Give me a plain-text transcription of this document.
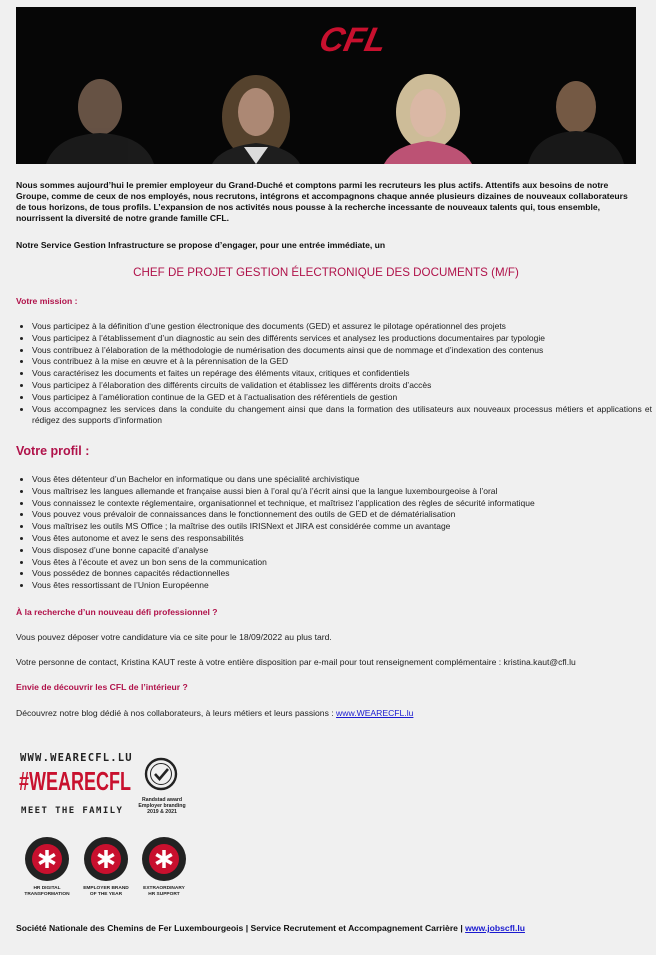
CFL

Nous sommes aujourd’hui le premier employeur du Grand-Duché et comptons parmi les recruteurs les plus actifs. Attentifs aux besoins de notre Groupe, comme de ceux de nos employés, nous recrutons, intégrons et accompagnons chaque année plusieurs dizaines de nouveaux collaborateurs de tous horizons, de tous profils. L’expansion de nos activités nous pousse à la recherche incessante de nouveaux talents qui, tous ensemble, nourrissent la diversité de notre grande famille CFL.

Notre Service Gestion Infrastructure se propose d’engager, pour une entrée immédiate, un

CHEF DE PROJET GESTION ÉLECTRONIQUE DES DOCUMENTS (M/F)

Votre mission :

• Vous participez à la définition d’une gestion électronique des documents (GED) et assurez le pilotage opérationnel des projets
• Vous participez à l’établissement d’un diagnostic au sein des différents services et analysez les productions documentaires par typologie
• Vous contribuez à l’élaboration de la méthodologie de numérisation des documents ainsi que de nommage et d’indexation des contenus
• Vous contribuez à la mise en œuvre et à la pérennisation de la GED
• Vous caractérisez les documents et faites un repérage des éléments vitaux, critiques et confidentiels
• Vous participez à l’élaboration des différents circuits de validation et établissez les différents droits d’accès
• Vous participez à l’amélioration continue de la GED et à l’actualisation des référentiels de gestion
• Vous accompagnez les services dans la conduite du changement ainsi que dans la formation des utilisateurs aux nouveaux processus métiers et applications et rédigez des supports d’information

Votre profil :

• Vous êtes détenteur d’un Bachelor en informatique ou dans une spécialité archivistique
• Vous maîtrisez les langues allemande et française aussi bien à l’oral qu’à l’écrit ainsi que la langue luxembourgeoise à l’oral
• Vous connaissez le contexte réglementaire, organisationnel et technique, et maîtrisez l’application des règles de sécurité informatique
• Vous pouvez vous prévaloir de connaissances dans le fonctionnement des outils de GED et de dématérialisation
• Vous maîtrisez les outils MS Office ; la maîtrise des outils IRISNext et JIRA est considérée comme un avantage
• Vous êtes autonome et avez le sens des responsabilités
• Vous disposez d’une bonne capacité d’analyse
• Vous êtes à l’écoute et avez un bon sens de la communication
• Vous possédez de bonnes capacités rédactionnelles
• Vous êtes ressortissant de l’Union Européenne

À la recherche d’un nouveau défi professionnel ?

Vous pouvez déposer votre candidature via ce site pour le 18/09/2022 au plus tard.

Votre personne de contact, Kristina KAUT reste à votre entière disposition par e-mail pour tout renseignement complémentaire : kristina.kaut@cfl.lu

Envie de découvrir les CFL de l’intérieur ?

Découvrez notre blog dédié à nos collaborateurs, à leurs métiers et leurs passions : www.WEARECFL.lu

WWW.WEARECFL.LU
#WEARECFL
MEET THE FAMILY
Randstad award
Employer branding
2019 & 2021
HR DIGITAL
TRANSFORMATION
EMPLOYER BRAND
OF THE YEAR
EXTRAORDINARY
HR SUPPORT

Société Nationale des Chemins de Fer Luxembourgeois | Service Recrutement et Accompagnement Carrière | www.jobscfl.lu
